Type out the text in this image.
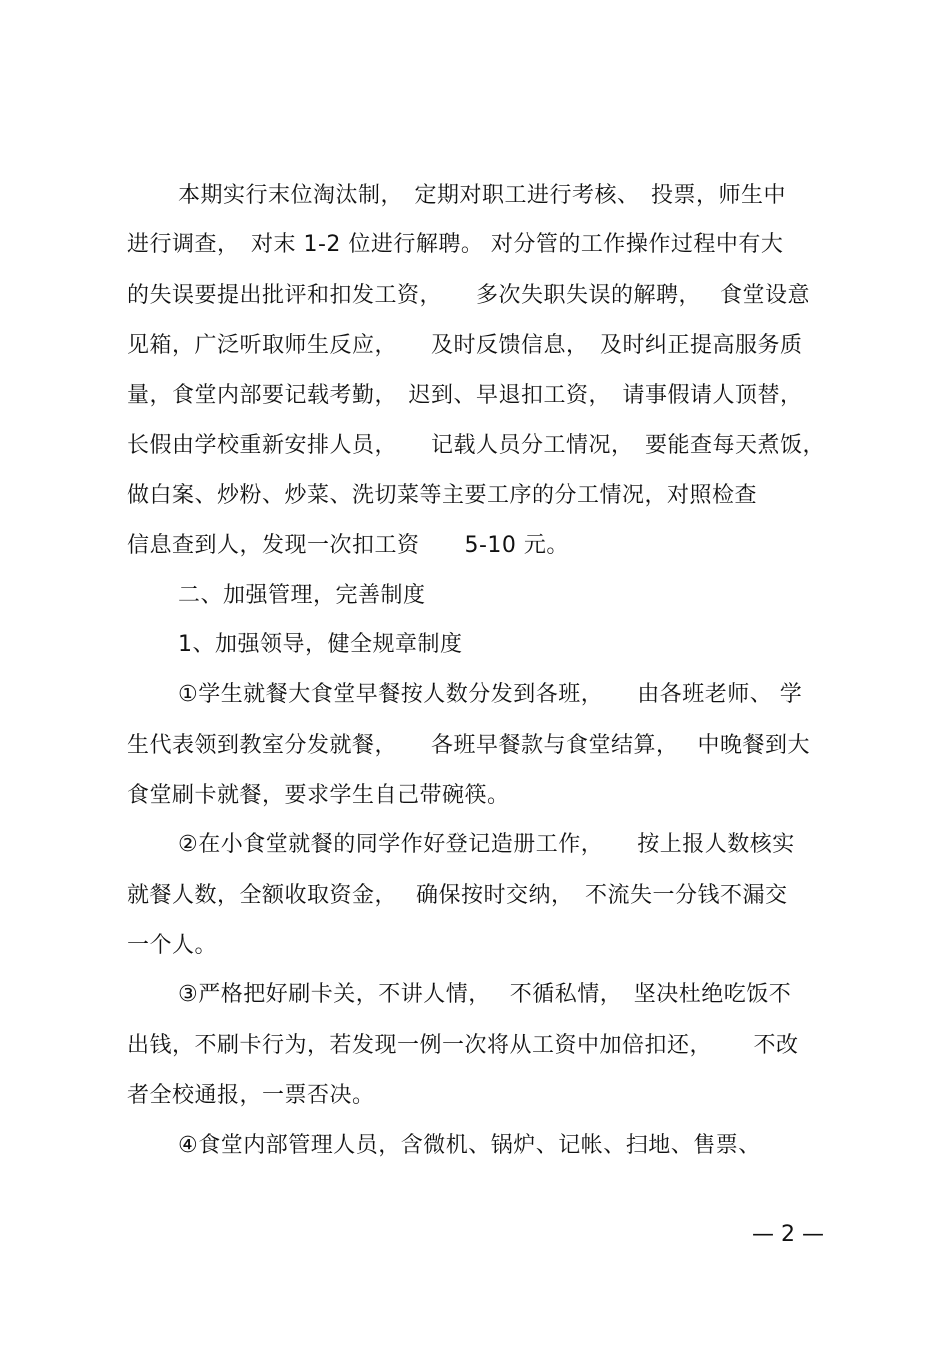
本期实行末位淘汰制，　定期对职工进行考核、　投票，师生中
进行调查，　对末 1-2 位进行解聘。 对分管的工作操作过程中有大
的失误要提出批评和扣发工资，　　多次失职失误的解聘，　 食堂设意
见箱，广泛听取师生反应，　　及时反馈信息，　及时纠正提高服务质
量，食堂内部要记载考勤，　迟到、早退扣工资，　请事假请人顶替，
长假由学校重新安排人员，　　记载人员分工情况，　要能查每天煮饭，
做白案、炒粉、炒菜、洗切菜等主要工序的分工情况，对照检查
信息查到人，发现一次扣工资　　5-10 元。
二、加强管理，完善制度
1、加强领导，健全规章制度
①学生就餐大食堂早餐按人数分发到各班，　　由各班老师、 学
生代表领到教室分发就餐，　　各班早餐款与食堂结算，　 中晚餐到大
食堂刷卡就餐，要求学生自己带碗筷。
②在小食堂就餐的同学作好登记造册工作，　　按上报人数核实
就餐人数，全额收取资金，　 确保按时交纳，　不流失一分钱不漏交
一个人。
③严格把好刷卡关，不讲人情，　 不循私情，　坚决杜绝吃饭不
出钱，不刷卡行为，若发现一例一次将从工资中加倍扣还，　　 不改
者全校通报，一票否决。
④食堂内部管理人员，含微机、锅炉、记帐、扫地、售票、
— 2 —
